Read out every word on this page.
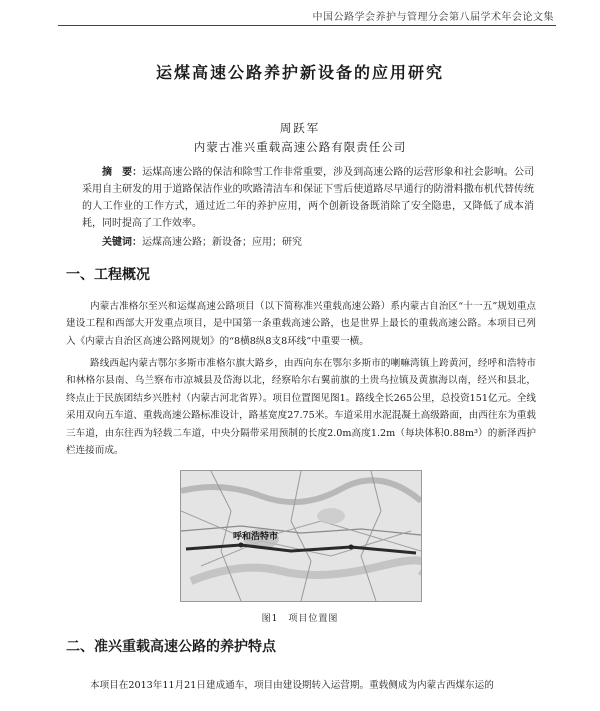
中国公路学会养护与管理分会第八届学术年会论文集
运煤高速公路养护新设备的应用研究
周跃军
内蒙古准兴重载高速公路有限责任公司
摘　要：运煤高速公路的保洁和除雪工作非常重要，涉及到高速公路的运营形象和社会影响。公司采用自主研发的用于道路保洁作业的吹路清洁车和保证下雪后使道路尽早通行的防滑料撒布机代替传统的人工作业的工作方式，通过近二年的养护应用，两个创新设备既消除了安全隐患，又降低了成本消耗，同时提高了工作效率。
关键词：运煤高速公路；新设备；应用；研究
一、工程概况
内蒙古准格尔至兴和运煤高速公路项目（以下简称准兴重载高速公路）系内蒙古自治区“十一五”规划重点建设工程和西部大开发重点项目，是中国第一条重载高速公路，也是世界上最长的重载高速公路。本项目已列入《内蒙古自治区高速公路网规划》的“8横8纵8支8环线”中重要一横。
路线西起内蒙古鄂尔多斯市准格尔旗大路乡，由西向东在鄂尔多斯市的喇嘛湾镇上跨黄河，经呼和浩特市和林格尔县南、乌兰察布市凉城县及岱海以北，经察哈尔右翼前旗的土贵乌拉镇及黄旗海以南，经兴和县北，终点止于民族团结乡兴胜村（内蒙古河北省界）。项目位置图见图1。路线全长265公里，总投资151亿元。全线采用双向五车道、重载高速公路标准设计，路基宽度27.75米。车道采用水泥混凝土高级路面，由西往东为重载三车道，由东往西为轻载二车道，中央分隔带采用预制的长度2.0m高度1.2m（每块体积0.88m³）的新泽西护栏连接而成。
呼和浩特市
图1　项目位置图
二、准兴重载高速公路的养护特点
本项目在2013年11月21日建成通车，项目由建设期转入运营期。重载侧成为内蒙古西煤东运的
